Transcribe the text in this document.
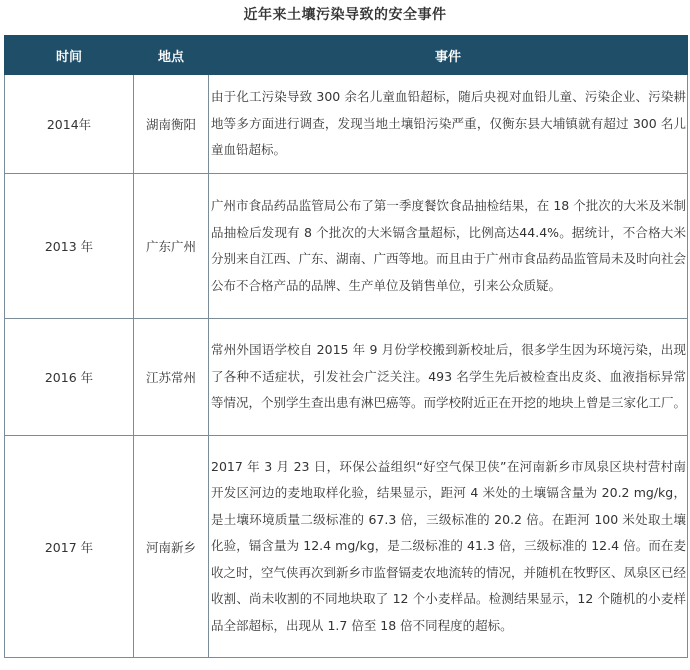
近年来土壤污染导致的安全事件
时间	地点	事件
2014年	湖南衡阳	由于化工污染导致 300 余名儿童血铅超标，随后央视对血铅儿童、污染企业、污染耕地等多方面进行调查，发现当地土壤铅污染严重，仅衡东县大埔镇就有超过 300 名儿童血铅超标。
2013 年	广东广州	广州市食品药品监管局公布了第一季度餐饮食品抽检结果，在 18 个批次的大米及米制品抽检后发现有 8 个批次的大米镉含量超标，比例高达44.4%。据统计，不合格大米分别来自江西、广东、湖南、广西等地。而且由于广州市食品药品监管局未及时向社会公布不合格产品的品牌、生产单位及销售单位，引来公众质疑。
2016 年	江苏常州	常州外国语学校自 2015 年 9 月份学校搬到新校址后，很多学生因为环境污染，出现了各种不适症状，引发社会广泛关注。493 名学生先后被检查出皮炎、血液指标异常等情况，个别学生查出患有淋巴癌等。而学校附近正在开挖的地块上曾是三家化工厂。
2017 年	河南新乡	2017 年 3 月 23 日，环保公益组织“好空气保卫侠”在河南新乡市凤泉区块村营村南开发区河边的麦地取样化验，结果显示，距河 4 米处的土壤镉含量为 20.2 mg/kg，是土壤环境质量二级标准的 67.3 倍，三级标准的 20.2 倍。在距河 100 米处取土壤化验，镉含量为 12.4 mg/kg，是二级标准的 41.3 倍，三级标准的 12.4 倍。而在麦收之时，空气侠再次到新乡市监督镉麦农地流转的情况，并随机在牧野区、凤泉区已经收割、尚未收割的不同地块取了 12 个小麦样品。检测结果显示，12 个随机的小麦样品全部超标，出现从 1.7 倍至 18 倍不同程度的超标。
